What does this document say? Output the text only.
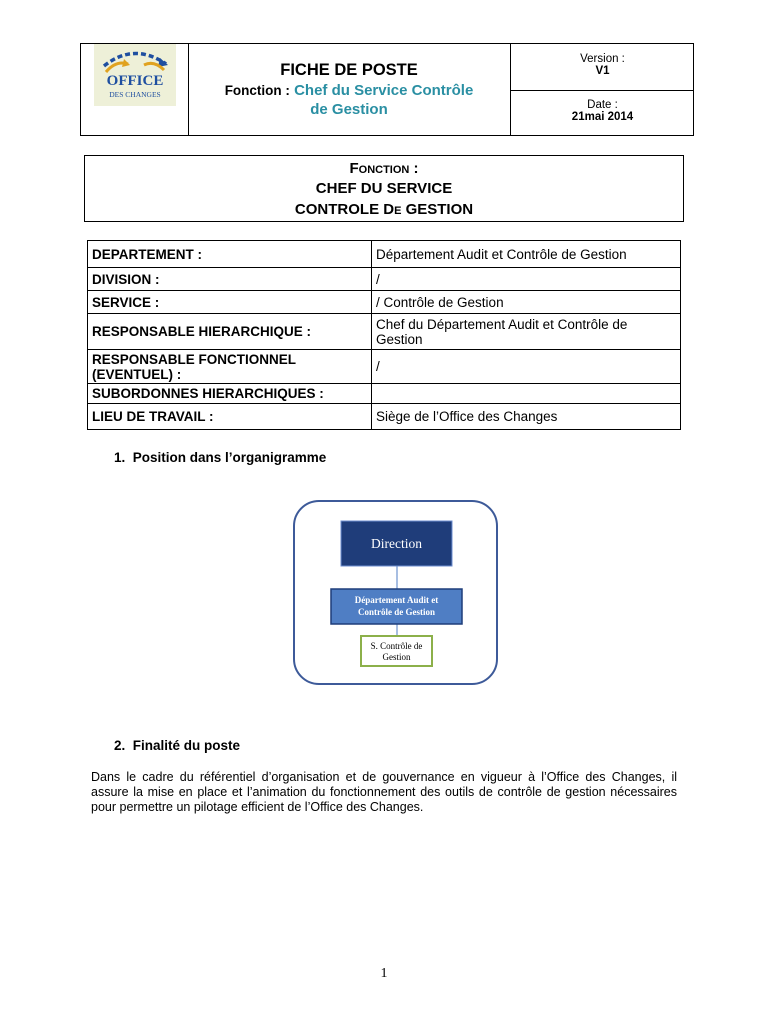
OFFICE
DES CHANGES
FICHE DE POSTE
Fonction : Chef du Service Contrôle
de Gestion
Version :
V1
Date :
21mai 2014
Fonction :
CHEF DU SERVICE
CONTROLE De GESTION
DEPARTEMENT :	Département Audit et Contrôle de Gestion
DIVISION :	/
SERVICE :	/ Contrôle de Gestion
RESPONSABLE HIERARCHIQUE :	Chef du Département Audit et Contrôle de Gestion
RESPONSABLE FONCTIONNEL (EVENTUEL) :	/
SUBORDONNES HIERARCHIQUES :	
LIEU DE TRAVAIL :	Siège de l’Office des Changes
1. Position dans l’organigramme
Direction
Département Audit et
Contrôle de Gestion
S. Contrôle de
Gestion
2. Finalité du poste
Dans le cadre du référentiel d’organisation et de gouvernance en vigueur à l’Office des Changes, il assure la mise en place et l’animation du fonctionnement des outils de contrôle de gestion nécessaires pour permettre un pilotage efficient de l’Office des Changes.
1
